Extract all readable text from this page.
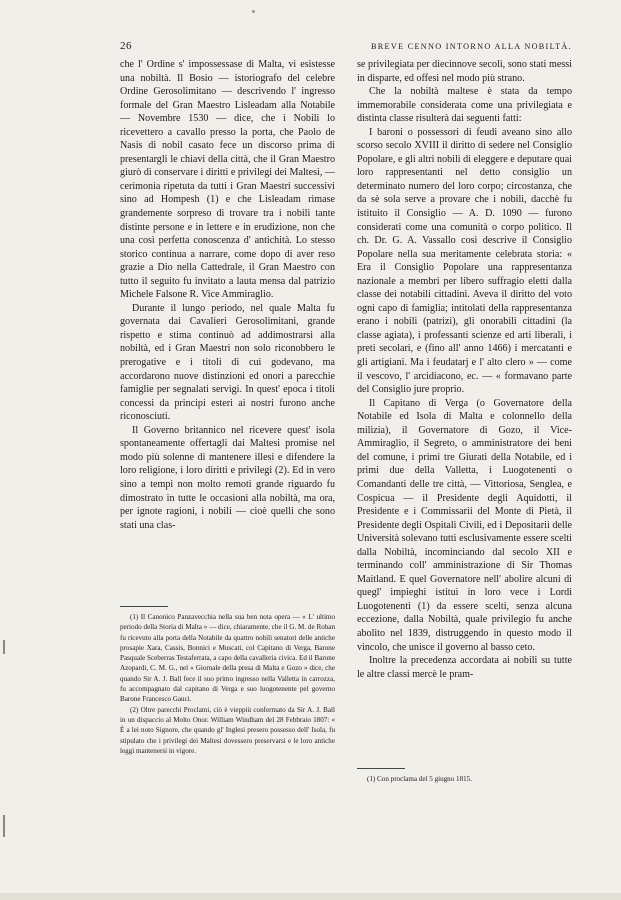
26	BREVE CENNO INTORNO ALLA NOBILTÀ.

che l' Ordine s' impossessase di Malta, vi esistesse una nobiltà. Il Bosio — istoriografo del celebre Ordine Gerosolimitano — descrivendo l' ingresso formale del Gran Maestro Lisleadam alla Notabile — Novembre 1530 — dice, che i Nobili lo ricevettero a cavallo presso la porta, che Paolo de Nasis di nobil casato fece un discorso prima di presentargli le chiavi della città, che il Gran Maestro giurò di conservare i diritti e privilegi dei Maltesi, — cerimonia ripetuta da tutti i Gran Maestri successivi sino ad Hompesh (1) e che Lisleadam rimase grandemente sorpreso di trovare tra i nobili tante distinte persone e in lettere e in erudizione, non che una così perfetta conoscenza d' antichità. Lo stesso storico continua a narrare, come dopo di aver reso grazie a Dio nella Cattedrale, il Gran Maestro con tutto il seguito fu invitato a lauta mensa dal patrizio Michele Falsone R. Vice Ammiraglio.

Durante il lungo periodo, nel quale Malta fu governata dai Cavalieri Gerosolimitani, grande rispetto e stima continuò ad addimostrarsi alla nobiltà, ed i Gran Maestri non solo riconobbero le prerogative e i titoli di cui godevano, ma accordarono nuove distinzioni ed onori a parecchie famiglie per segnalati servigi. In quest' epoca i titoli concessi da principi esteri ai nostri furono anche riconosciuti.

Il Governo britannico nel ricevere quest' isola spontaneamente offertagli dai Maltesi promise nel modo più solenne di mantenere illesi e difendere la loro religione, i loro diritti e privilegi (2). Ed in vero sino a tempi non molto remoti grande riguardo fu dimostrato in tutte le occasioni alla nobiltà, ma ora, per ignote ragioni, i nobili — cioè quelli che sono stati una clas-

se privilegiata per diecinnove secoli, sono stati messi in disparte, ed offesi nel modo più strano.

Che la nobiltà maltese è stata da tempo immemorabile considerata come una privilegiata e distinta classe risulterà dai seguenti fatti:

I baroni o possessori di feudi aveano sino allo scorso secolo XVIII il diritto di sedere nel Consiglio Popolare, e gli altri nobili di eleggere e deputare quai loro rappresentanti nel detto consiglio un determinato numero del loro corpo; circostanza, che da sè sola serve a provare che i nobili, dacchè fu istituito il Consiglio — A. D. 1090 — furono considerati come una comunità o corpo politico. Il ch. Dr. G. A. Vassallo così descrive il Consiglio Popolare nella sua meritamente celebrata storia: « Era il Consiglio Popolare una rappresentanza nazionale a membri per libero suffragio eletti dalla classe dei notabili cittadini. Aveva il diritto del voto ogni capo di famiglia; intitolati della rappresentanza erano i nobili (patrizi), gli onorabili cittadini (la classe agiata), i professanti scienze ed arti liberali, i preti secolari, e (fino all' anno 1466) i mercatanti e gli artigiani. Ma i feudatarj e l' alto clero » — come il vescovo, l' arcidiacono, ec. — « formavano parte del Consiglio jure proprio.

Il Capitano di Verga (o Governatore della Notabile ed Isola di Malta e colonnello della milizia), il Governatore di Gozo, il Vice-Ammiraglio, il Segreto, o amministratore dei beni del comune, i primi tre Giurati della Notabile, ed i primi due della Valletta, i Luogotenenti o Comandanti delle tre città, — Vittoriosa, Senglea, e Cospicua — il Presidente degli Aquidotti, il Presidente e i Commissarii del Monte di Pietà, il Presidente degli Ospitali Civili, ed i Depositarii delle Università solevano tutti esclusivamente essere scelti dalla Nobiltà, incominciando dal secolo XII e terminando coll' amministrazione di Sir Thomas Maitland. E quel Governatore nell' abolire alcuni di quegl' impieghi istituì in loro vece i Lordi Luogotenenti (1) da essere scelti, senza alcuna eccezione, dalla Nobiltà, quale privilegio fu anche abolito nel 1839, distruggendo in questo modo il vincolo, che unisce il governo al basso ceto.

Inoltre la precedenza accordata ai nobili su tutte le altre classi mercè le pram-

(1) Il Canonico Panzavecchia nella sua ben nota opera — « L' ultimo periodo della Storia di Malta » — dice, chiaramente, che il G. M. de Rohan fu ricevuto alla porta della Notabile da quattro nobili senatori delle antiche prosapie Xara, Cassis, Bonnici e Muscati, col Capitano di Verga, Barone Pasquale Sceberras Testaferrata, a capo della cavalleria civica. Ed il Barone Azopardi, C. M. G., nel « Giornale della presa di Malta e Gozo » dice, che quando Sir A. J. Ball fece il suo primo ingresso nella Valletta in carrozza, fu accompagnato dal capitano di Verga e suo luogotenente pel governo Barone Francesco Gauci.

(2) Oltre parecchi Proclami, ciò è vieppiù confermato da Sir A. J. Ball in un dispaccio al Molto Onor. William Windham del 28 Febbraio 1807: « È a lei noto Signore, che quando gl' Inglesi presero possesso dell' Isola, fu stipulato che i privilegi dei Maltesi dovessero preservarsi e le loro antiche leggi mantenersi in vigore.

(1) Con proclama del 5 giugno 1815.
